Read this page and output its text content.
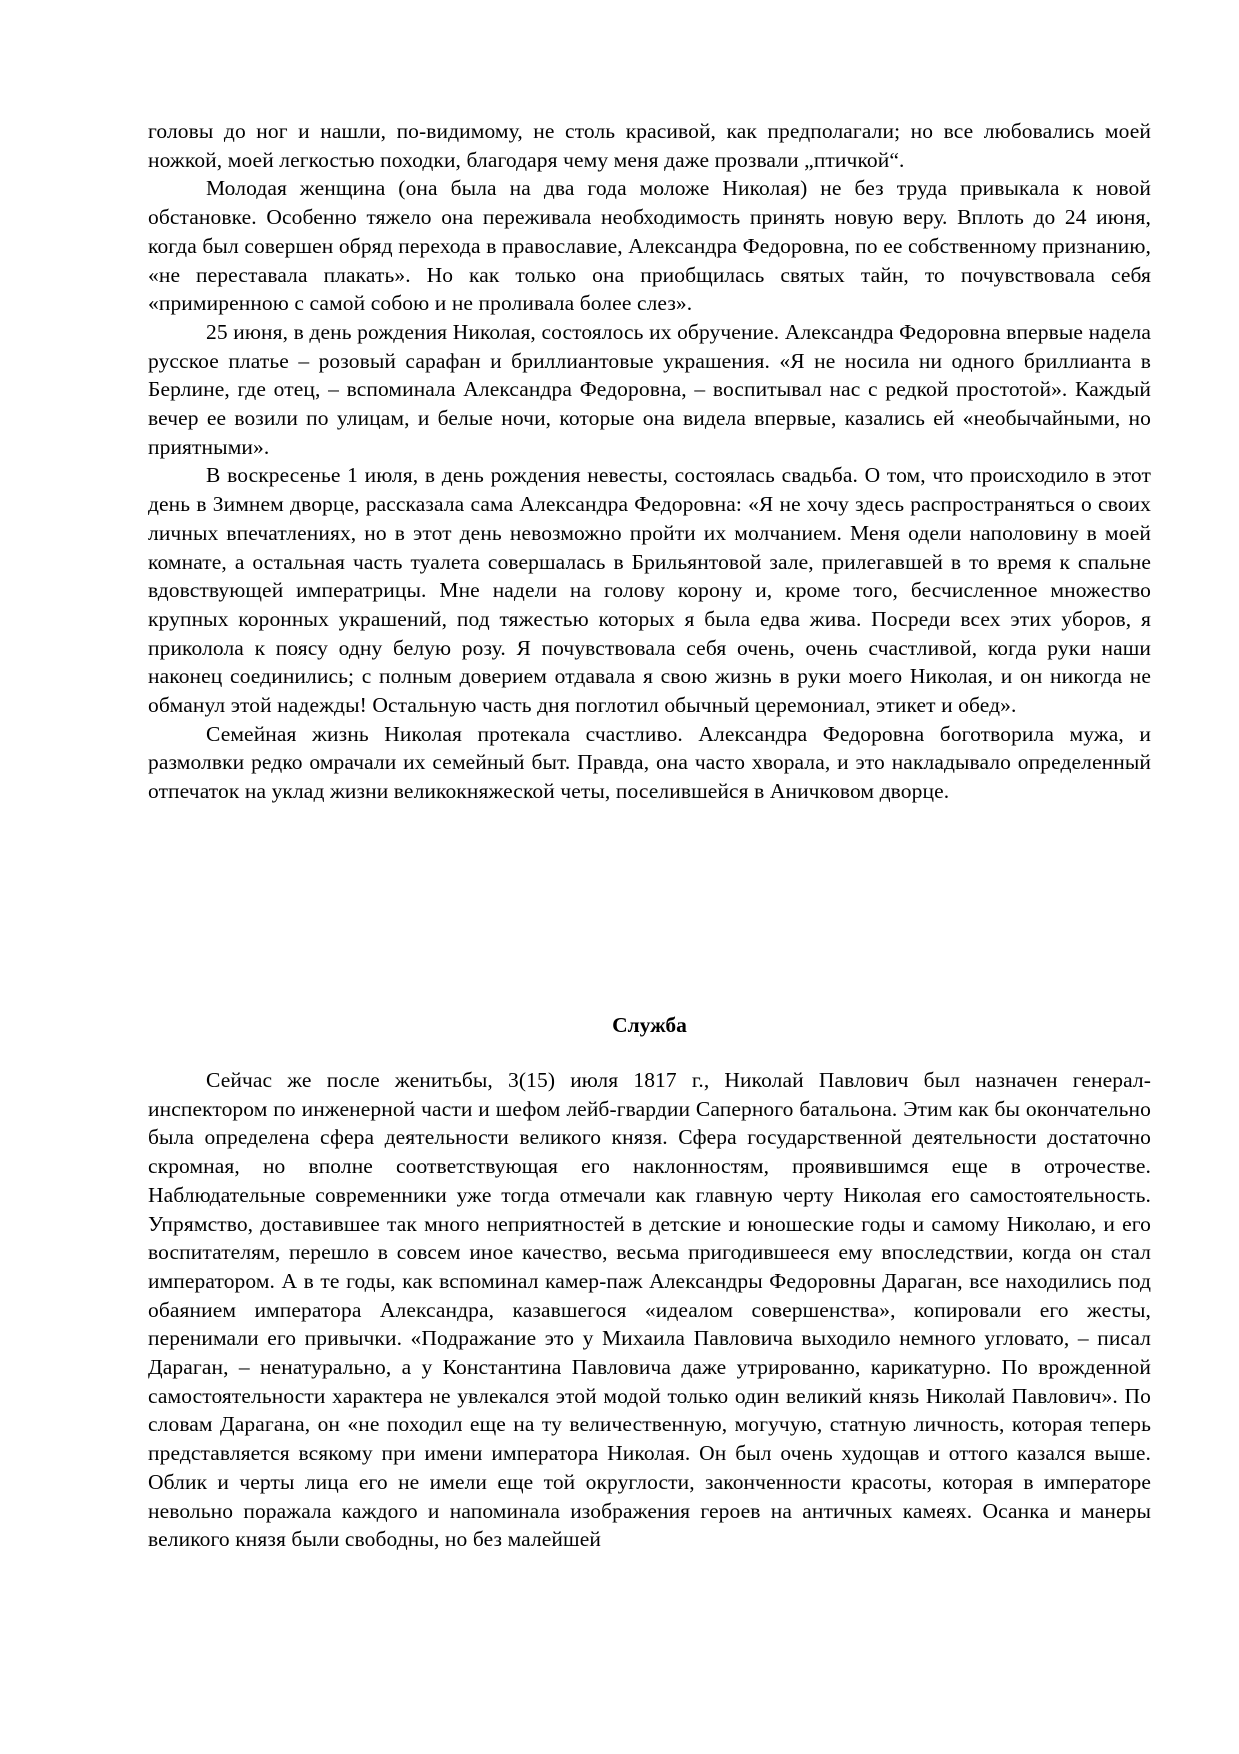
головы до ног и нашли, по-видимому, не столь красивой, как предполагали; но все любовались моей ножкой, моей легкостью походки, благодаря чему меня даже прозвали „птичкой“.

Молодая женщина (она была на два года моложе Николая) не без труда привыкала к новой обстановке. Особенно тяжело она переживала необходимость принять новую веру. Вплоть до 24 июня, когда был совершен обряд перехода в православие, Александра Федоровна, по ее собственному признанию, «не переставала плакать». Но как только она приобщилась святых тайн, то почувствовала себя «примиренною с самой собою и не проливала более слез».

25 июня, в день рождения Николая, состоялось их обручение. Александра Федоровна впервые надела русское платье – розовый сарафан и бриллиантовые украшения. «Я не носила ни одного бриллианта в Берлине, где отец, – вспоминала Александра Федоровна, – воспитывал нас с редкой простотой». Каждый вечер ее возили по улицам, и белые ночи, которые она видела впервые, казались ей «необычайными, но приятными».

В воскресенье 1 июля, в день рождения невесты, состоялась свадьба. О том, что происходило в этот день в Зимнем дворце, рассказала сама Александра Федоровна: «Я не хочу здесь распространяться о своих личных впечатлениях, но в этот день невозможно пройти их молчанием. Меня одели наполовину в моей комнате, а остальная часть туалета совершалась в Брильянтовой зале, прилегавшей в то время к спальне вдовствующей императрицы. Мне надели на голову корону и, кроме того, бесчисленное множество крупных коронных украшений, под тяжестью которых я была едва жива. Посреди всех этих уборов, я приколола к поясу одну белую розу. Я почувствовала себя очень, очень счастливой, когда руки наши наконец соединились; с полным доверием отдавала я свою жизнь в руки моего Николая, и он никогда не обманул этой надежды! Остальную часть дня поглотил обычный церемониал, этикет и обед».

Семейная жизнь Николая протекала счастливо. Александра Федоровна боготворила мужа, и размолвки редко омрачали их семейный быт. Правда, она часто хворала, и это накладывало определенный отпечаток на уклад жизни великокняжеской четы, поселившейся в Аничковом дворце.

Служба

Сейчас же после женитьбы, 3(15) июля 1817 г., Николай Павлович был назначен генерал-инспектором по инженерной части и шефом лейб-гвардии Саперного батальона. Этим как бы окончательно была определена сфера деятельности великого князя. Сфера государственной деятельности достаточно скромная, но вполне соответствующая его наклонностям, проявившимся еще в отрочестве. Наблюдательные современники уже тогда отмечали как главную черту Николая его самостоятельность. Упрямство, доставившее так много неприятностей в детские и юношеские годы и самому Николаю, и его воспитателям, перешло в совсем иное качество, весьма пригодившееся ему впоследствии, когда он стал императором. А в те годы, как вспоминал камер-паж Александры Федоровны Дараган, все находились под обаянием императора Александра, казавшегося «идеалом совершенства», копировали его жесты, перенимали его привычки. «Подражание это у Михаила Павловича выходило немного угловато, – писал Дараган, – ненатурально, а у Константина Павловича даже утрированно, карикатурно. По врожденной самостоятельности характера не увлекался этой модой только один великий князь Николай Павлович». По словам Дарагана, он «не походил еще на ту величественную, могучую, статную личность, которая теперь представляется всякому при имени императора Николая. Он был очень худощав и оттого казался выше. Облик и черты лица его не имели еще той округлости, законченности красоты, которая в императоре невольно поражала каждого и напоминала изображения героев на античных камеях. Осанка и манеры великого князя были свободны, но без малейшей
